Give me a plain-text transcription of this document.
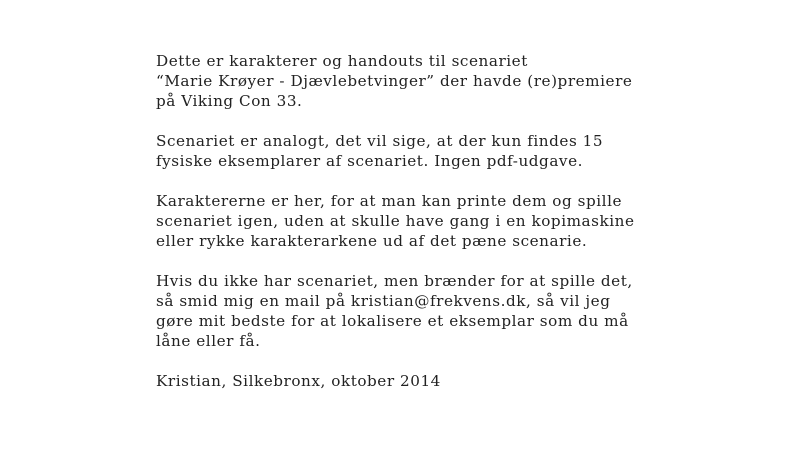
Dette er karakterer og handouts til scenariet
“Marie Krøyer - Djævlebetvinger” der havde (re)premiere
på Viking Con 33.

Scenariet er analogt, det vil sige, at der kun findes 15
fysiske eksemplarer af scenariet. Ingen pdf-udgave.

Karaktererne er her, for at man kan printe dem og spille
scenariet igen, uden at skulle have gang i en kopimaskine
eller rykke karakterarkene ud af det pæne scenarie.

Hvis du ikke har scenariet, men brænder for at spille det,
så smid mig en mail på kristian@frekvens.dk, så vil jeg
gøre mit bedste for at lokalisere et eksemplar som du må
låne eller få.

Kristian, Silkebronx, oktober 2014
